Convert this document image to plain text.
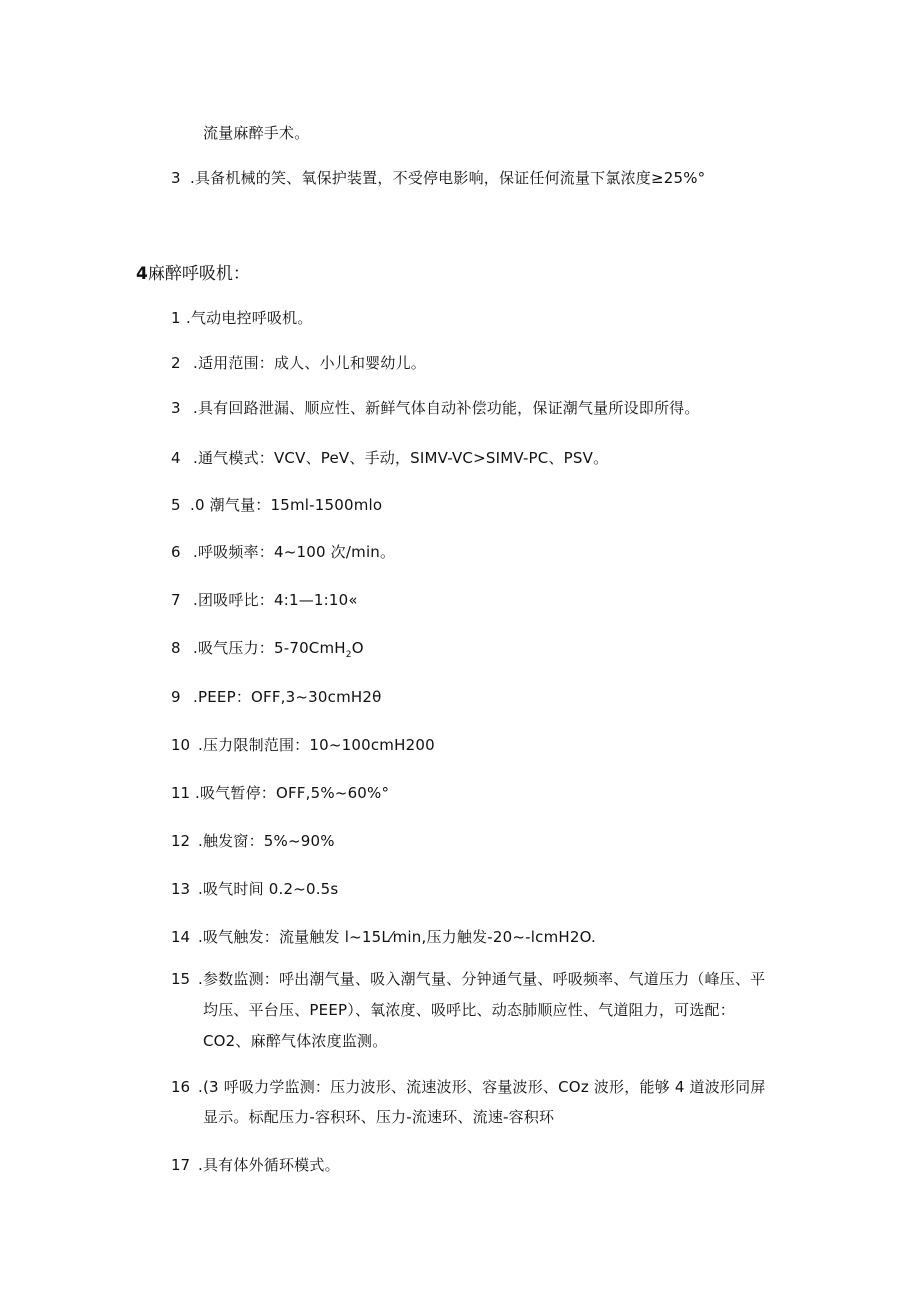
流量麻醉手术。
3 .具备机械的笑、氧保护装置，不受停电影响，保证任何流量下氯浓度≥25%°
4麻醉呼吸机：
1 .气动电控呼吸机。
2 .适用范围：成人、小儿和婴幼儿。
3 .具有回路泄漏、顺应性、新鲜气体自动补偿功能，保证潮气量所设即所得。
4 .通气模式：VCV、PeV、手动，SIMV-VC>SIMV-PC、PSV。
5 .0 潮气量：15ml-1500mlo
6 .呼吸频率：4~100 次/min。
7 .团吸呼比：4:1—1:10«
8 .吸气压力：5-70CmH$_2$O
9 .PEEP：OFF,3~30cmH2θ
10 .压力限制范围：10~100cmH200
11 .吸气暂停：OFF,5%~60%°
12 .触发窗：5%~90%
13 .吸气时间 0.2~0.5s
14 .吸气触发：流量触发 l~15L⁄min,压力触发-20~-lcmH2O.
15 .参数监测：呼出潮气量、吸入潮气量、分钟通气量、呼吸频率、气道压力（峰压、平
均压、平台压、PEEP）、氧浓度、吸呼比、动态肺顺应性、气道阻力，可选配：
CO2、麻醉气体浓度监测。
16 .(3 呼吸力学监测：压力波形、流速波形、容量波形、COz 波形，能够 4 道波形同屏
显示。标配压力-容积环、压力-流速环、流速-容积环
17 .具有体外循环模式。
